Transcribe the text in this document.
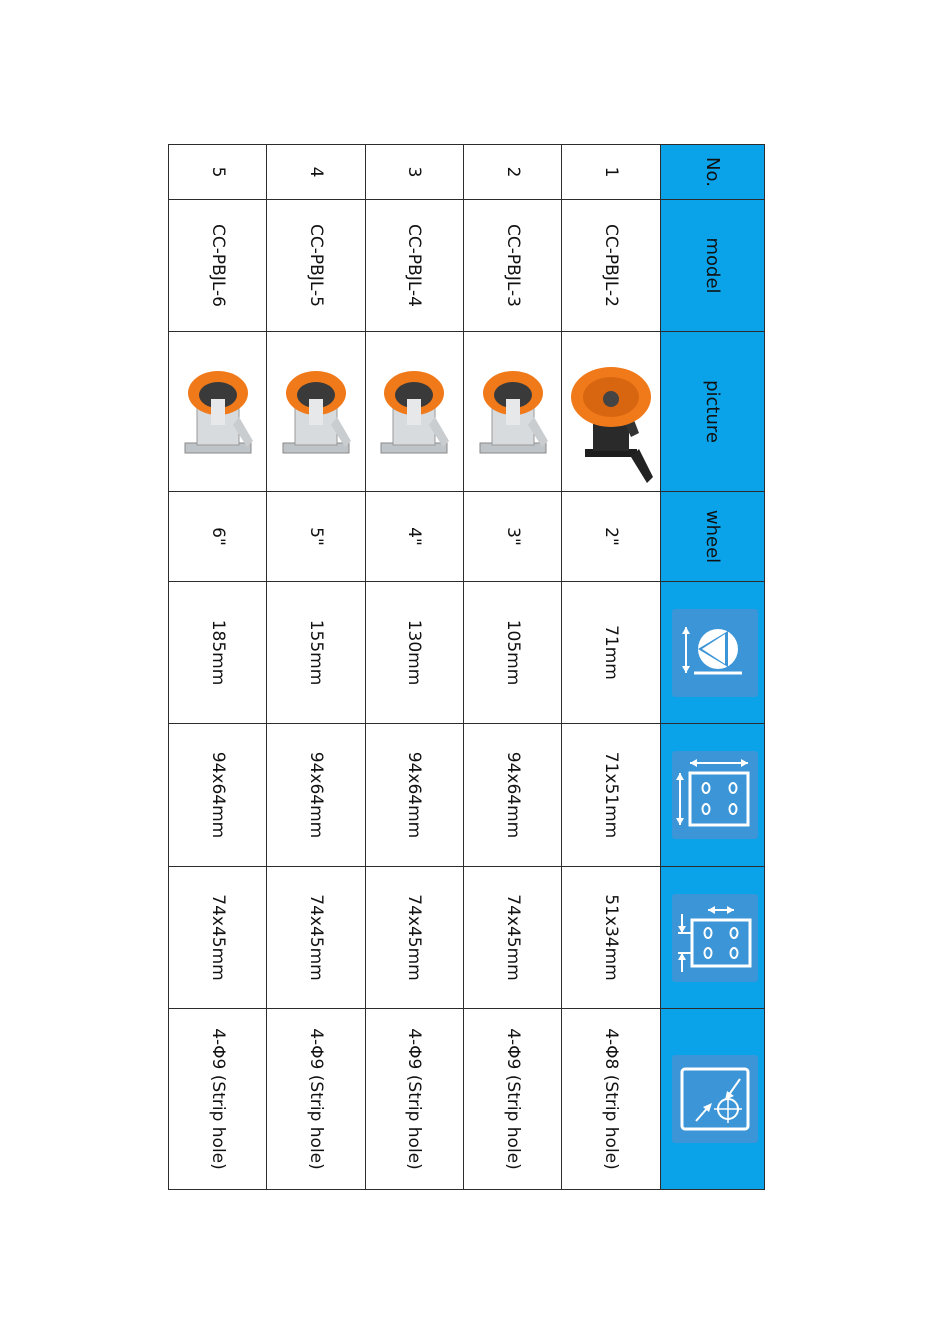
No.	model	picture	wheel	

1	CC-PBJL-2		2"	71mm	71x51mm	51x34mm	4-Φ8 (Strip hole)
2	CC-PBJL-3		3"	105mm	94x64mm	74x45mm	4-Φ9 (Strip hole)
3	CC-PBJL-4		4"	130mm	94x64mm	74x45mm	4-Φ9 (Strip hole)
4	CC-PBJL-5		5"	155mm	94x64mm	74x45mm	4-Φ9 (Strip hole)
5	CC-PBJL-6		6"	185mm	94x64mm	74x45mm	4-Φ9 (Strip hole)
